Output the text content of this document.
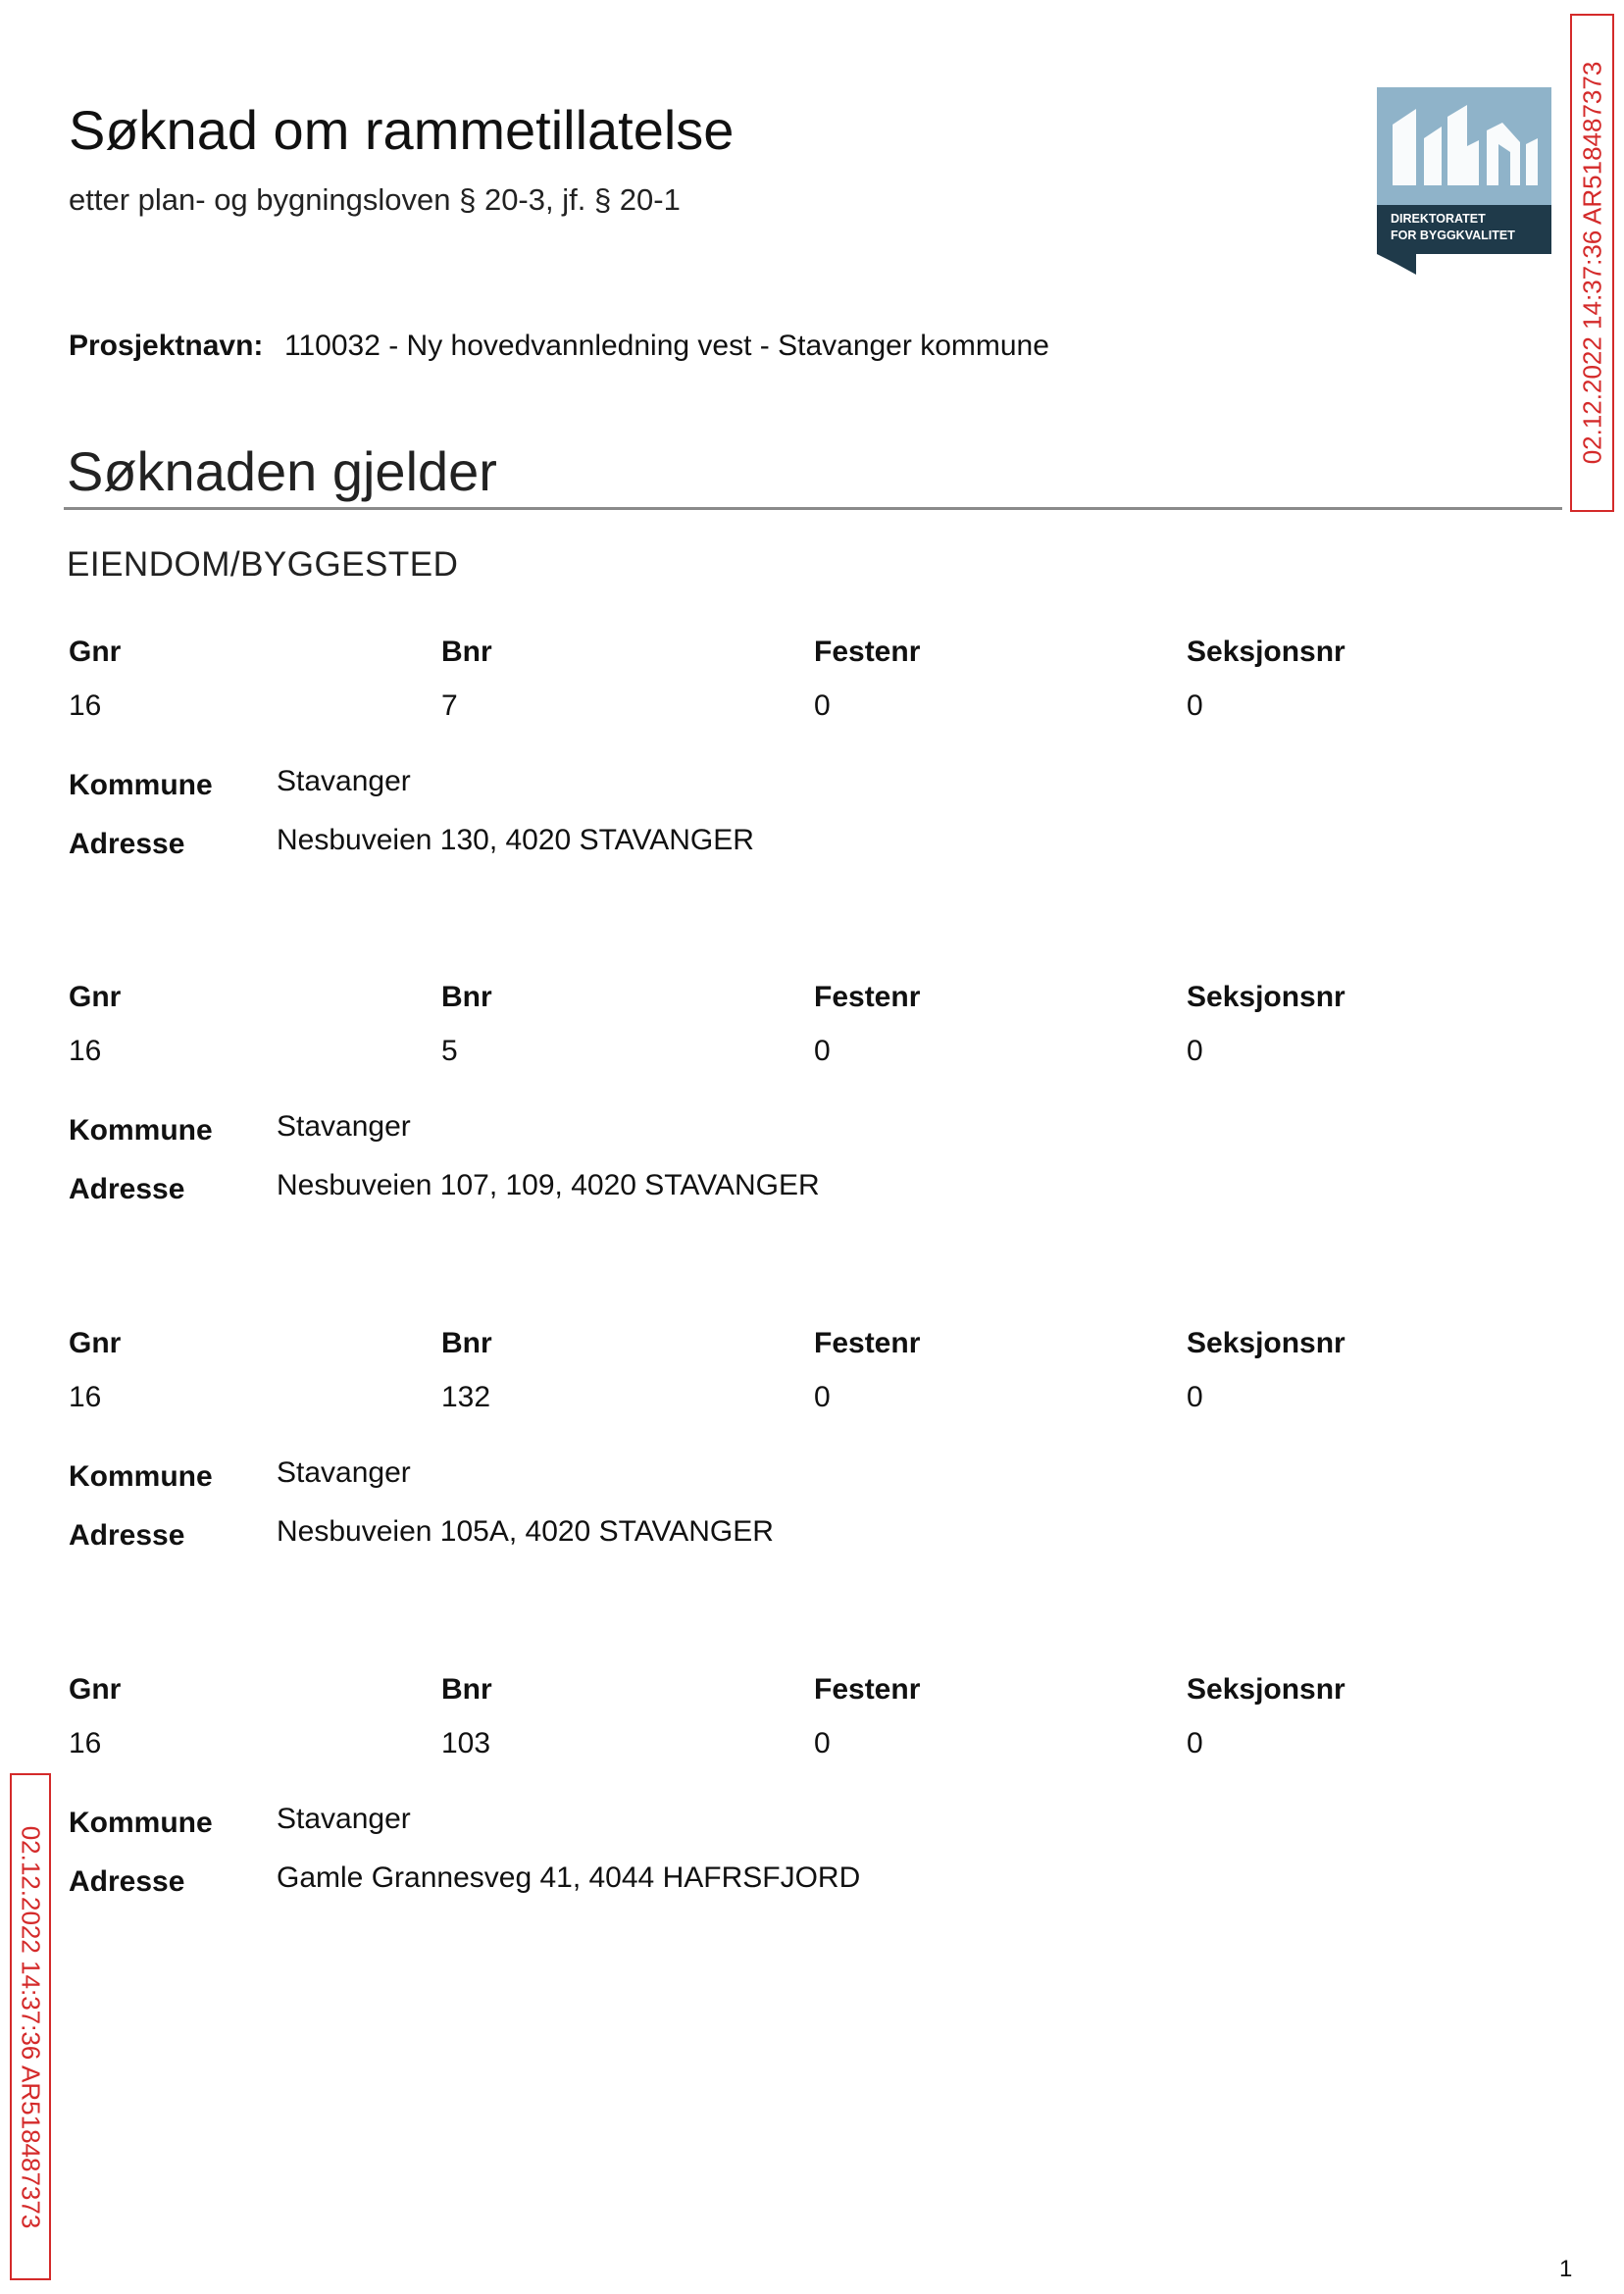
Søknad om rammetillatelse
etter plan- og bygningsloven § 20-3, jf. § 20-1
DIREKTORATET
FOR BYGGKVALITET
Prosjektnavn: 110032 - Ny hovedvannledning vest - Stavanger kommune
Søknaden gjelder
EIENDOM/BYGGESTED
Gnr	Bnr	Festenr	Seksjonsnr
16	7	0	0
Kommune Stavanger
Adresse	Nesbuveien 130, 4020 STAVANGER
Gnr	Bnr	Festenr	Seksjonsnr
16	5	0	0
Kommune Stavanger
Adresse	Nesbuveien 107, 109, 4020 STAVANGER
Gnr	Bnr	Festenr	Seksjonsnr
16	132	0	0
Kommune Stavanger
Adresse	Nesbuveien 105A, 4020 STAVANGER
Gnr	Bnr	Festenr	Seksjonsnr
16	103	0	0
Kommune Stavanger
Adresse	Gamle Grannesveg 41, 4044 HAFRSFJORD
02.12.2022 14:37:36 AR518487373
02.12.2022 14:37:36 AR518487373
1
